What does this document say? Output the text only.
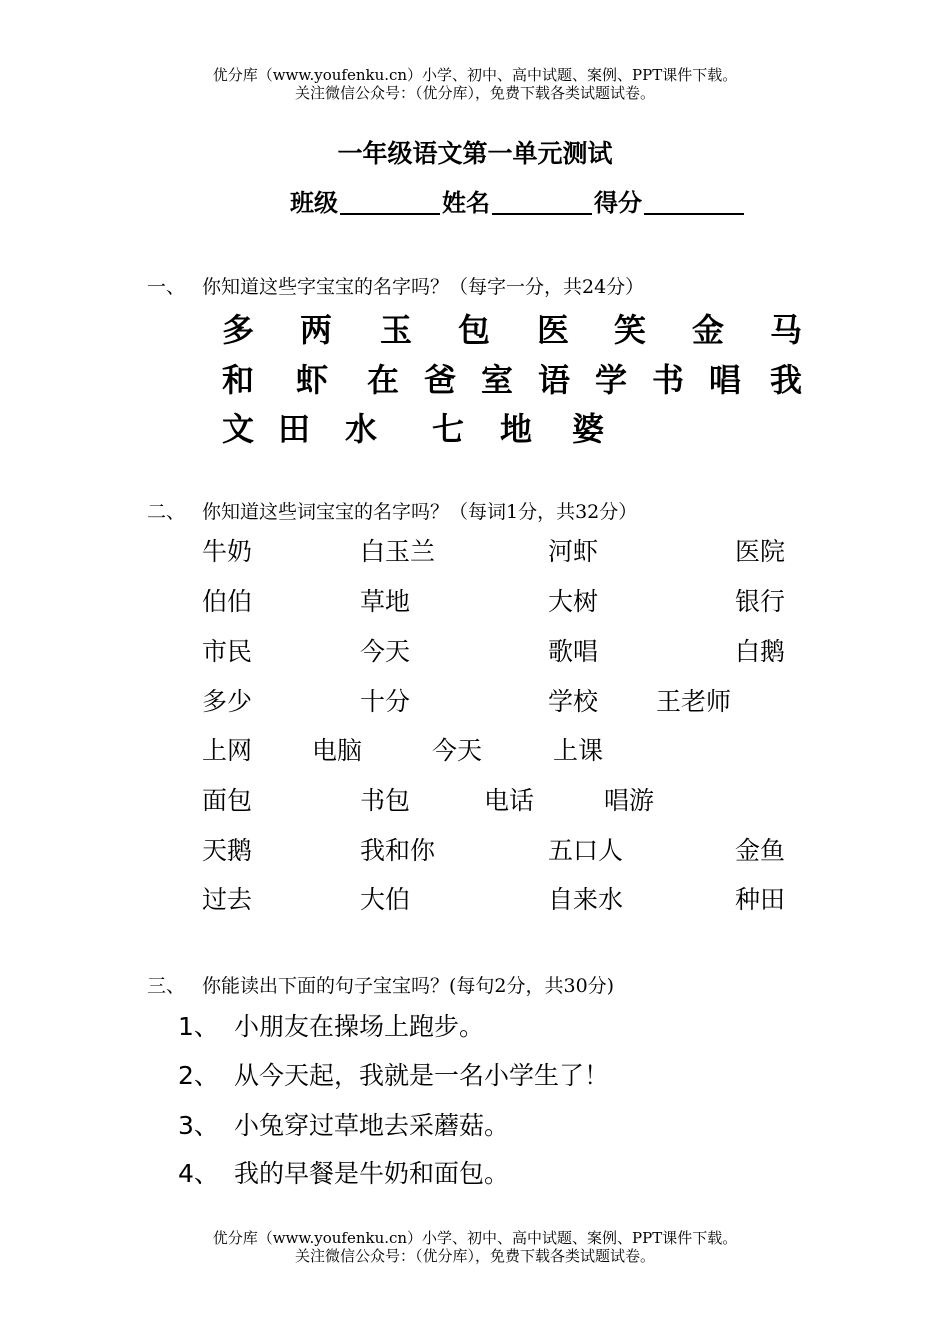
优分库（www.youfenku.cn）小学、初中、高中试题、案例、PPT课件下载。
关注微信公众号：（优分库），免费下载各类试题试卷。
一年级语文第一单元测试
班级	姓名	得分
一、 你知道这些字宝宝的名字吗？（每字一分，共24分）
多 两 玉 包 医 笑 金 马
和 虾 在 爸 室 语 学 书 唱 我
文 田 水 七 地 婆
二、 你知道这些词宝宝的名字吗？（每词1分，共32分）
牛奶	白玉兰	河虾	医院
伯伯	草地	大树	银行
市民	今天	歌唱	白鹅
多少	十分	学校 王老师
上网 电脑	今天	上课
面包	书包	电话	唱游
天鹅	我和你	五口人	金鱼
过去	大伯	自来水	种田
三、 你能读出下面的句子宝宝吗？(每句2分，共30分)
1、 小朋友在操场上跑步。
2、 从今天起，我就是一名小学生了！
3、 小兔穿过草地去采蘑菇。
4、 我的早餐是牛奶和面包。
优分库（www.youfenku.cn）小学、初中、高中试题、案例、PPT课件下载。
关注微信公众号：（优分库），免费下载各类试题试卷。
